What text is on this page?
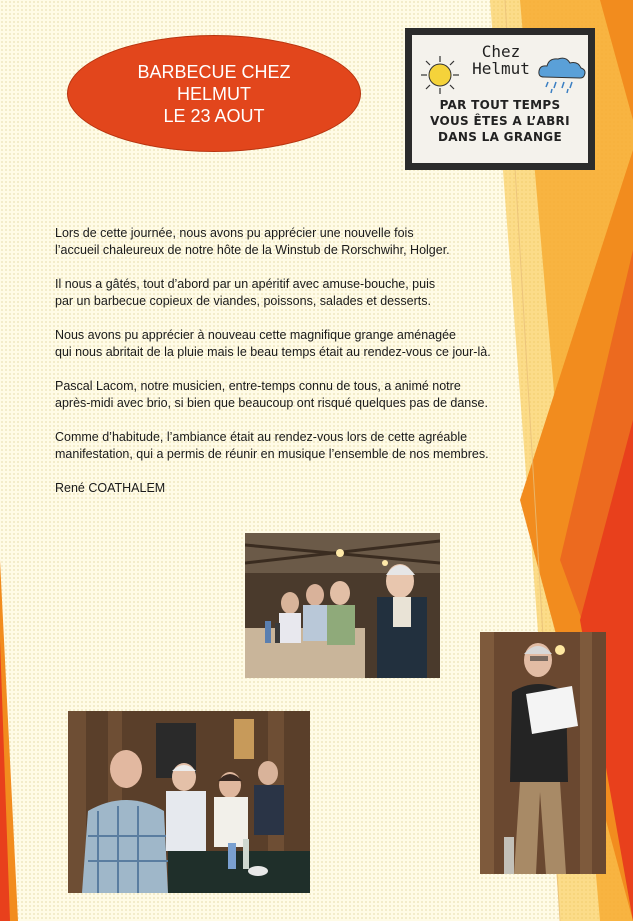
BARBECUE CHEZ
HELMUT
LE 23 AOUT
Chez
Helmut
PAR TOUT TEMPS
VOUS ÊTES A L’ABRI
DANS LA GRANGE

Lors de cette journée, nous avons pu apprécier une nouvelle fois
l’accueil chaleureux de notre hôte de la Winstub de Rorschwihr, Holger.

Il nous a gâtés, tout d’abord par un apéritif avec amuse-bouche, puis
par un barbecue copieux de viandes, poissons, salades et desserts.

Nous avons pu apprécier à nouveau cette magnifique grange aménagée
qui nous abritait de la pluie mais le beau temps était au rendez-vous ce jour-là.

Pascal Lacom, notre musicien, entre-temps connu de tous, a animé notre
après-midi avec brio, si bien que beaucoup ont risqué quelques pas de danse.

Comme d’habitude, l’ambiance était au rendez-vous lors de cette agréable
manifestation, qui a permis de réunir en musique l’ensemble de nos membres.

René COATHALEM
